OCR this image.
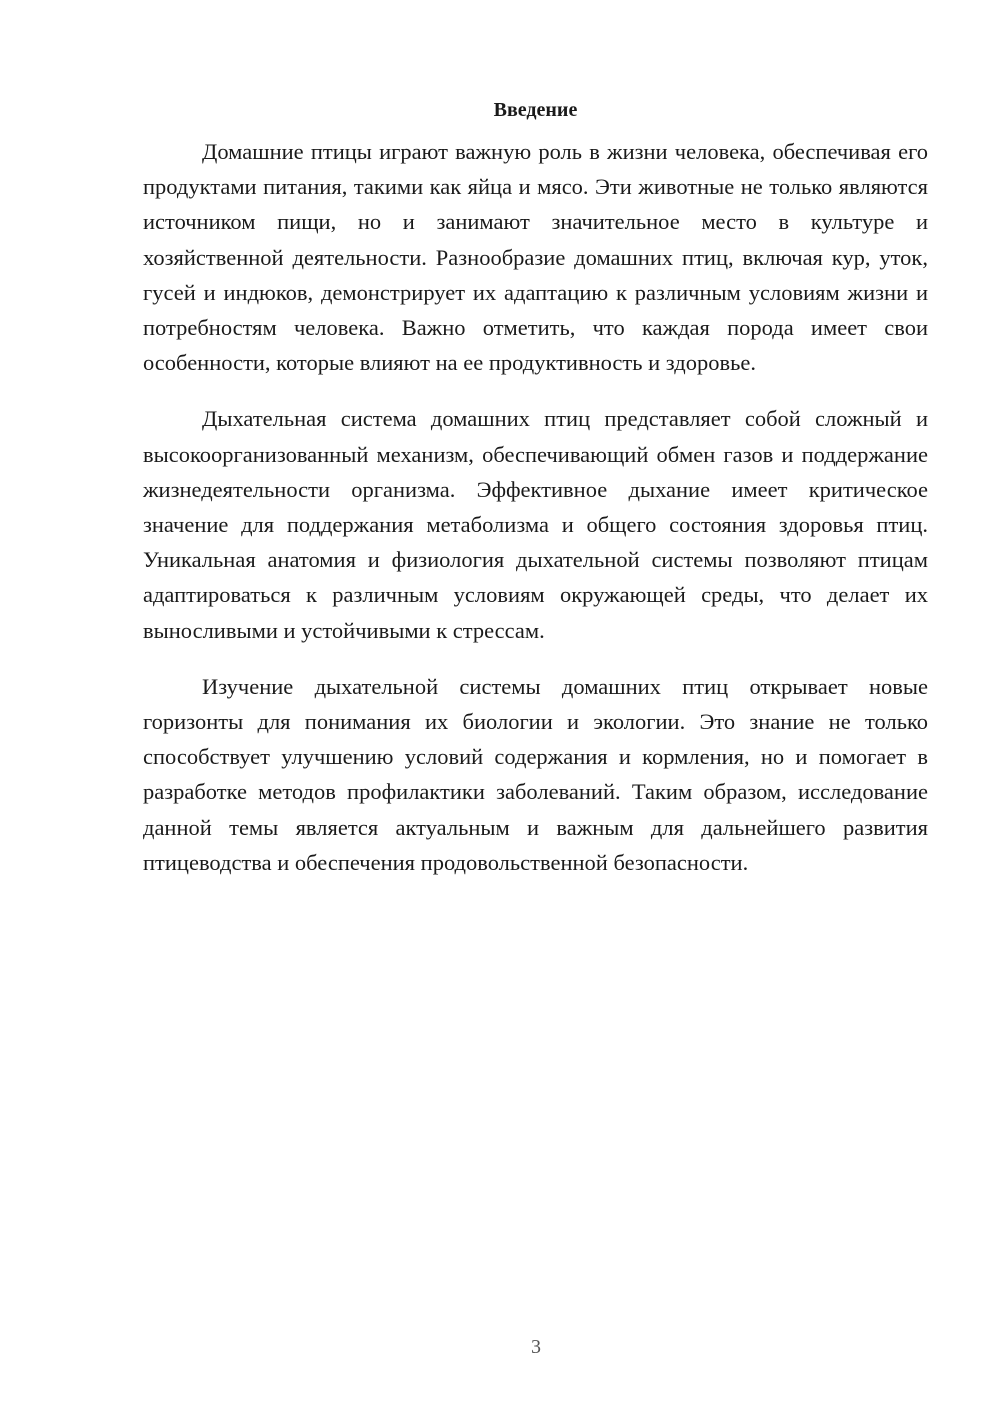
Введение

Домашние птицы играют важную роль в жизни человека, обеспечивая его продуктами питания, такими как яйца и мясо. Эти животные не только являются источником пищи, но и занимают значительное место в культуре и хозяйственной деятельности. Разнообразие домашних птиц, включая кур, уток, гусей и индюков, демонстрирует их адаптацию к различным условиям жизни и потребностям человека. Важно отметить, что каждая порода имеет свои особенности, которые влияют на ее продуктивность и здоровье.

Дыхательная система домашних птиц представляет собой сложный и высокоорганизованный механизм, обеспечивающий обмен газов и поддержание жизнедеятельности организма. Эффективное дыхание имеет критическое значение для поддержания метаболизма и общего состояния здоровья птиц. Уникальная анатомия и физиология дыхательной системы позволяют птицам адаптироваться к различным условиям окружающей среды, что делает их выносливыми и устойчивыми к стрессам.

Изучение дыхательной системы домашних птиц открывает новые горизонты для понимания их биологии и экологии. Это знание не только способствует улучшению условий содержания и кормления, но и помогает в разработке методов профилактики заболеваний. Таким образом, исследование данной темы является актуальным и важным для дальнейшего развития птицеводства и обеспечения продовольственной безопасности.

3
